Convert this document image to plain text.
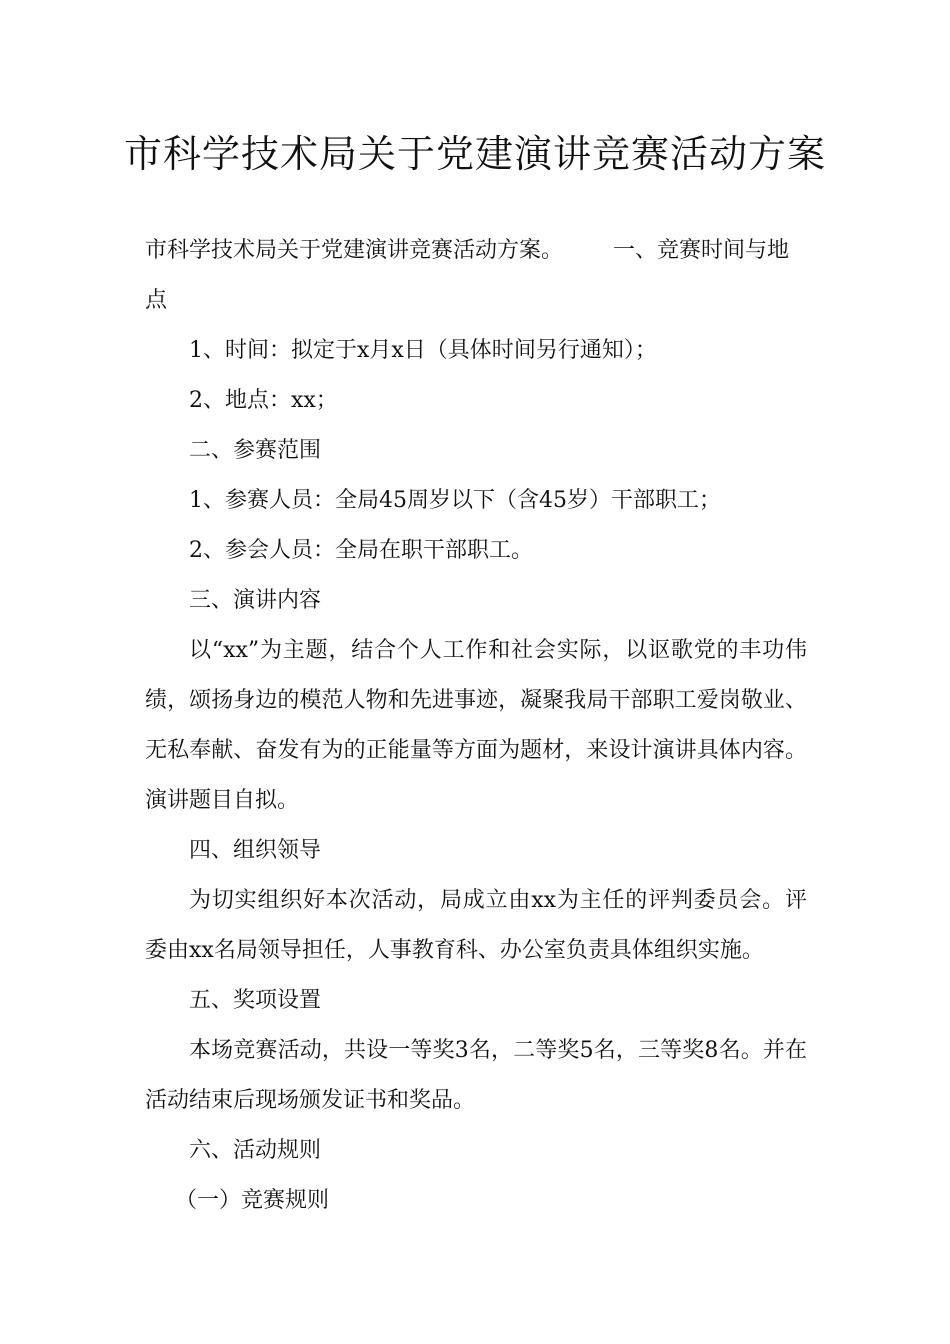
市科学技术局关于党建演讲竞赛活动方案

市科学技术局关于党建演讲竞赛活动方案。 一、竞赛时间与地点

1、时间：拟定于x月x日（具体时间另行通知）；

2、地点：xx；

二、参赛范围

1、参赛人员：全局45周岁以下（含45岁）干部职工；

2、参会人员：全局在职干部职工。

三、演讲内容

以“xx”为主题，结合个人工作和社会实际，以讴歌党的丰功伟绩，颂扬身边的模范人物和先进事迹，凝聚我局干部职工爱岗敬业、无私奉献、奋发有为的正能量等方面为题材，来设计演讲具体内容。演讲题目自拟。

四、组织领导

为切实组织好本次活动，局成立由xx为主任的评判委员会。评委由xx名局领导担任，人事教育科、办公室负责具体组织实施。

五、奖项设置

本场竞赛活动，共设一等奖3名，二等奖5名，三等奖8名。并在活动结束后现场颁发证书和奖品。

六、活动规则

（一）竞赛规则
